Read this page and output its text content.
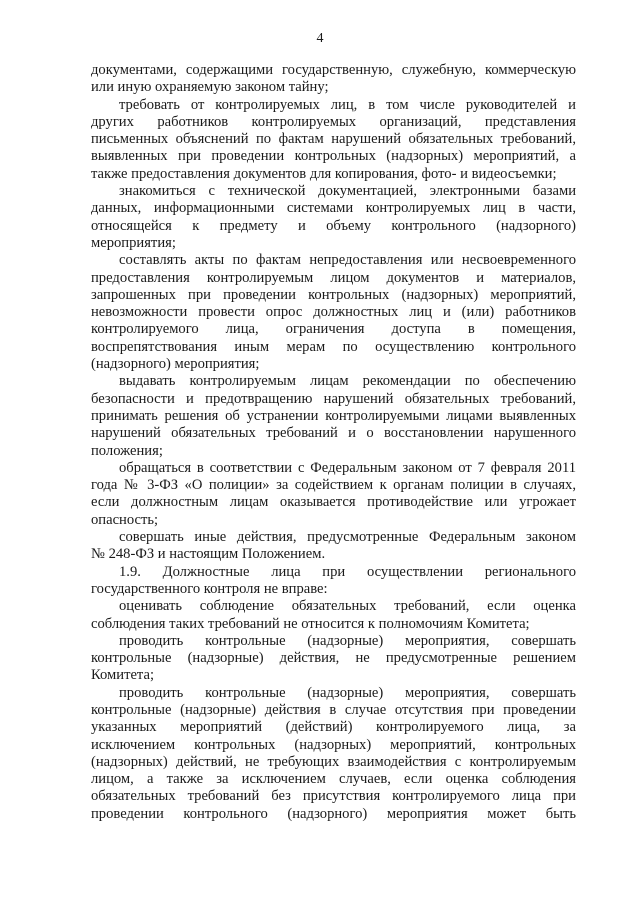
4
документами, содержащими государственную, служебную, коммерческую
или иную охраняемую законом тайну;
требовать от контролируемых лиц, в том числе руководителей и
других работников контролируемых организаций, представления
письменных объяснений по фактам нарушений обязательных требований,
выявленных при проведении контрольных (надзорных) мероприятий, а
также предоставления документов для копирования, фото- и видеосъемки;
знакомиться с технической документацией, электронными базами
данных, информационными системами контролируемых лиц в части,
относящейся к предмету и объему контрольного (надзорного)
мероприятия;
составлять акты по фактам непредоставления или несвоевременного
предоставления контролируемым лицом документов и материалов,
запрошенных при проведении контрольных (надзорных) мероприятий,
невозможности провести опрос должностных лиц и (или) работников
контролируемого лица, ограничения доступа в помещения,
воспрепятствования иным мерам по осуществлению контрольного
(надзорного) мероприятия;
выдавать контролируемым лицам рекомендации по обеспечению
безопасности и предотвращению нарушений обязательных требований,
принимать решения об устранении контролируемыми лицами выявленных
нарушений обязательных требований и о восстановлении нарушенного
положения;
обращаться в соответствии с Федеральным законом от 7 февраля 2011
года № 3-ФЗ «О полиции» за содействием к органам полиции в случаях,
если должностным лицам оказывается противодействие или угрожает
опасность;
совершать иные действия, предусмотренные Федеральным законом
№ 248-ФЗ и настоящим Положением.
1.9. Должностные лица при осуществлении регионального
государственного контроля не вправе:
оценивать соблюдение обязательных требований, если оценка
соблюдения таких требований не относится к полномочиям Комитета;
проводить контрольные (надзорные) мероприятия, совершать
контрольные (надзорные) действия, не предусмотренные решением
Комитета;
проводить контрольные (надзорные) мероприятия, совершать
контрольные (надзорные) действия в случае отсутствия при проведении
указанных мероприятий (действий) контролируемого лица, за
исключением контрольных (надзорных) мероприятий, контрольных
(надзорных) действий, не требующих взаимодействия с контролируемым
лицом, а также за исключением случаев, если оценка соблюдения
обязательных требований без присутствия контролируемого лица при
проведении контрольного (надзорного) мероприятия может быть
